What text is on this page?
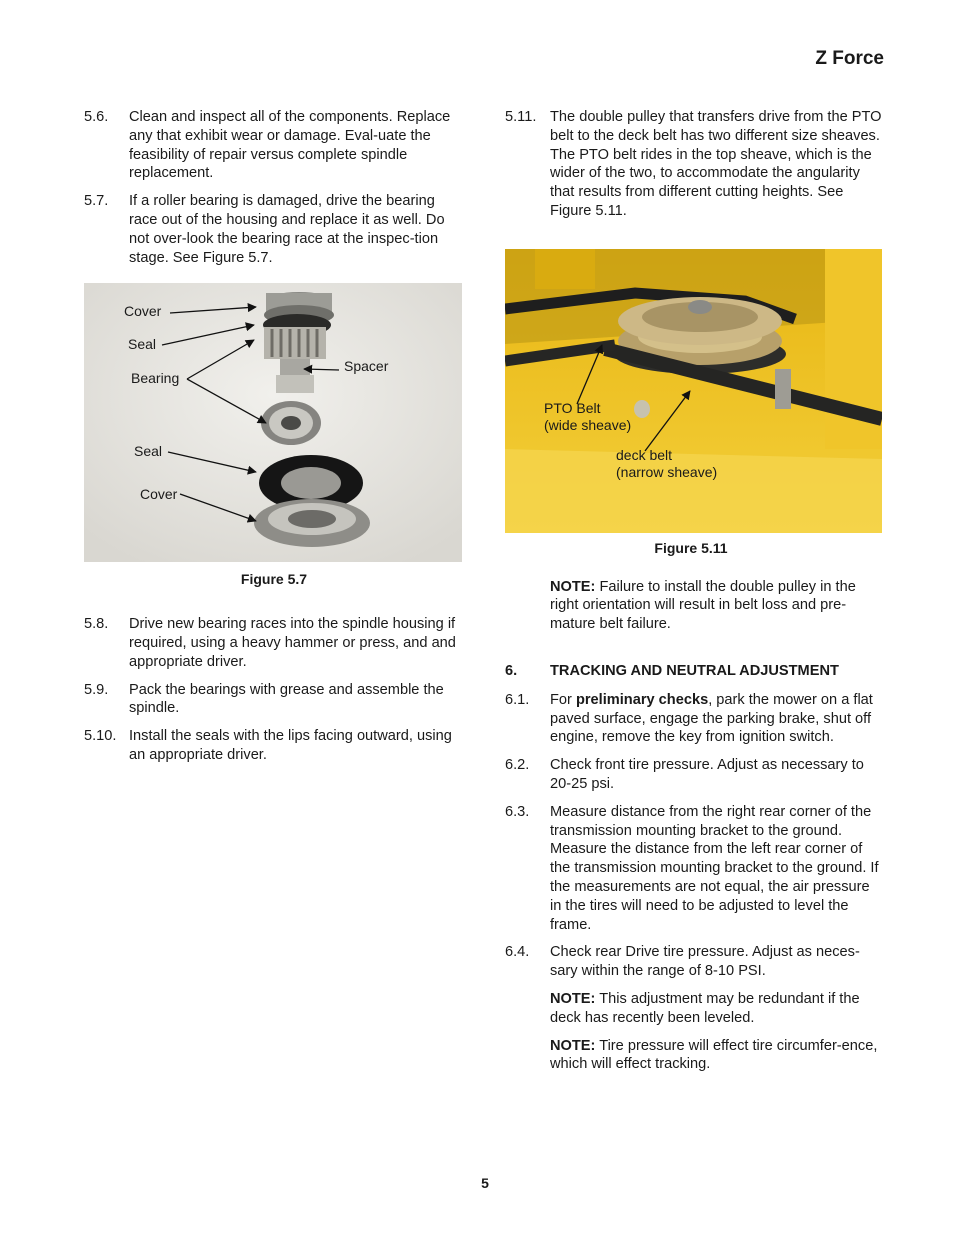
Z Force
5.6.	Clean and inspect all of the components. Replace any that exhibit wear or damage. Eval-uate the feasibility of repair versus complete spindle replacement.
5.7.	If a roller bearing is damaged, drive the bearing race out of the housing and replace it as well. Do not over-look the bearing race at the inspec-tion stage. See Figure 5.7.
Cover
Seal
Bearing
Spacer
Seal
Cover
Figure 5.7
5.8.	Drive new bearing races into the spindle housing if required, using a heavy hammer or press, and and appropriate driver.
5.9.	Pack the bearings with grease and assemble the spindle.
5.10. Install the seals with the lips facing outward, using an appropriate driver.
5.11. The double pulley that transfers drive from the PTO belt to the deck belt has two different size sheaves. The PTO belt rides in the top sheave, which is the wider of the two, to accommodate the angularity that results from different cutting heights. See Figure 5.11.
PTO Belt
(wide sheave)
deck belt
(narrow sheave)
Figure 5.11
NOTE: Failure to install the double pulley in the right orientation will result in belt loss and pre-mature belt failure.
6.	TRACKING AND NEUTRAL ADJUSTMENT
6.1.	For preliminary checks, park the mower on a flat paved surface, engage the parking brake, shut off engine, remove the key from ignition switch.
6.2.	Check front tire pressure. Adjust as necessary to 20-25 psi.
6.3.	Measure distance from the right rear corner of the transmission mounting bracket to the ground. Measure the distance from the left rear corner of the transmission mounting bracket to the ground. If the measurements are not equal, the air pressure in the tires will need to be adjusted to level the frame.
6.4.	Check rear Drive tire pressure. Adjust as neces-sary within the range of 8-10 PSI.
NOTE: This adjustment may be redundant if the deck has recently been leveled.
NOTE: Tire pressure will effect tire circumfer-ence, which will effect tracking.
5
